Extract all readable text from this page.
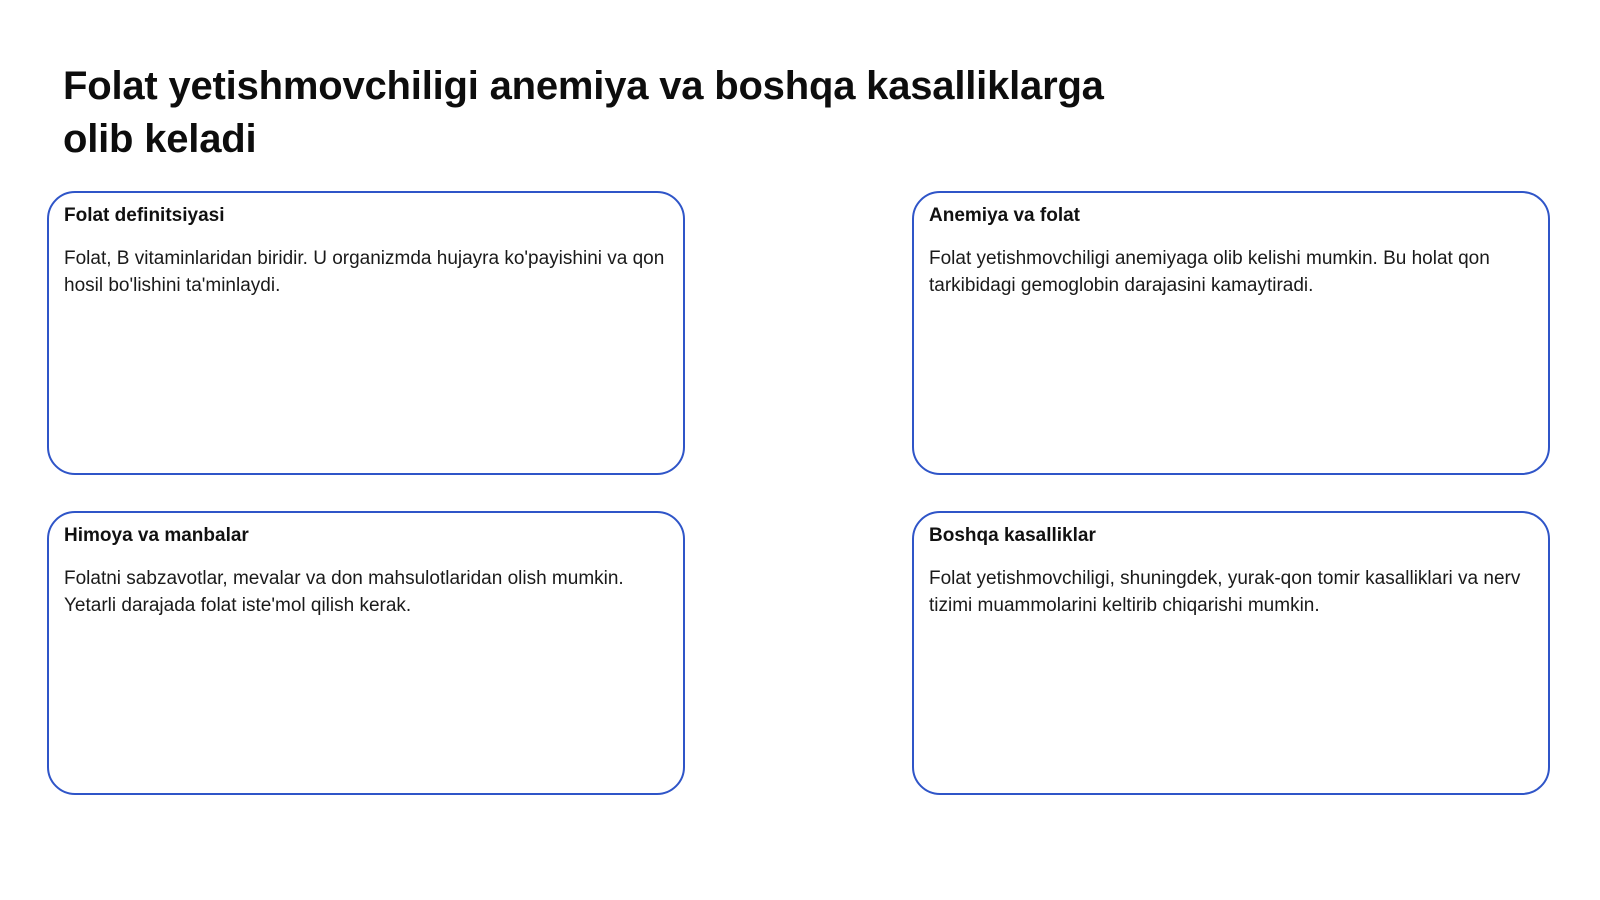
Folat yetishmovchiligi anemiya va boshqa kasalliklarga olib keladi
Folat definitsiyasi

Folat, B vitaminlaridan biridir. U organizmda hujayra ko'payishini va qon hosil bo'lishini ta'minlaydi.

Anemiya va folat

Folat yetishmovchiligi anemiyaga olib kelishi mumkin. Bu holat qon tarkibidagi gemoglobin darajasini kamaytiradi.

Himoya va manbalar

Folatni sabzavotlar, mevalar va don mahsulotlaridan olish mumkin. Yetarli darajada folat iste'mol qilish kerak.

Boshqa kasalliklar

Folat yetishmovchiligi, shuningdek, yurak-qon tomir kasalliklari va nerv tizimi muammolarini keltirib chiqarishi mumkin.
